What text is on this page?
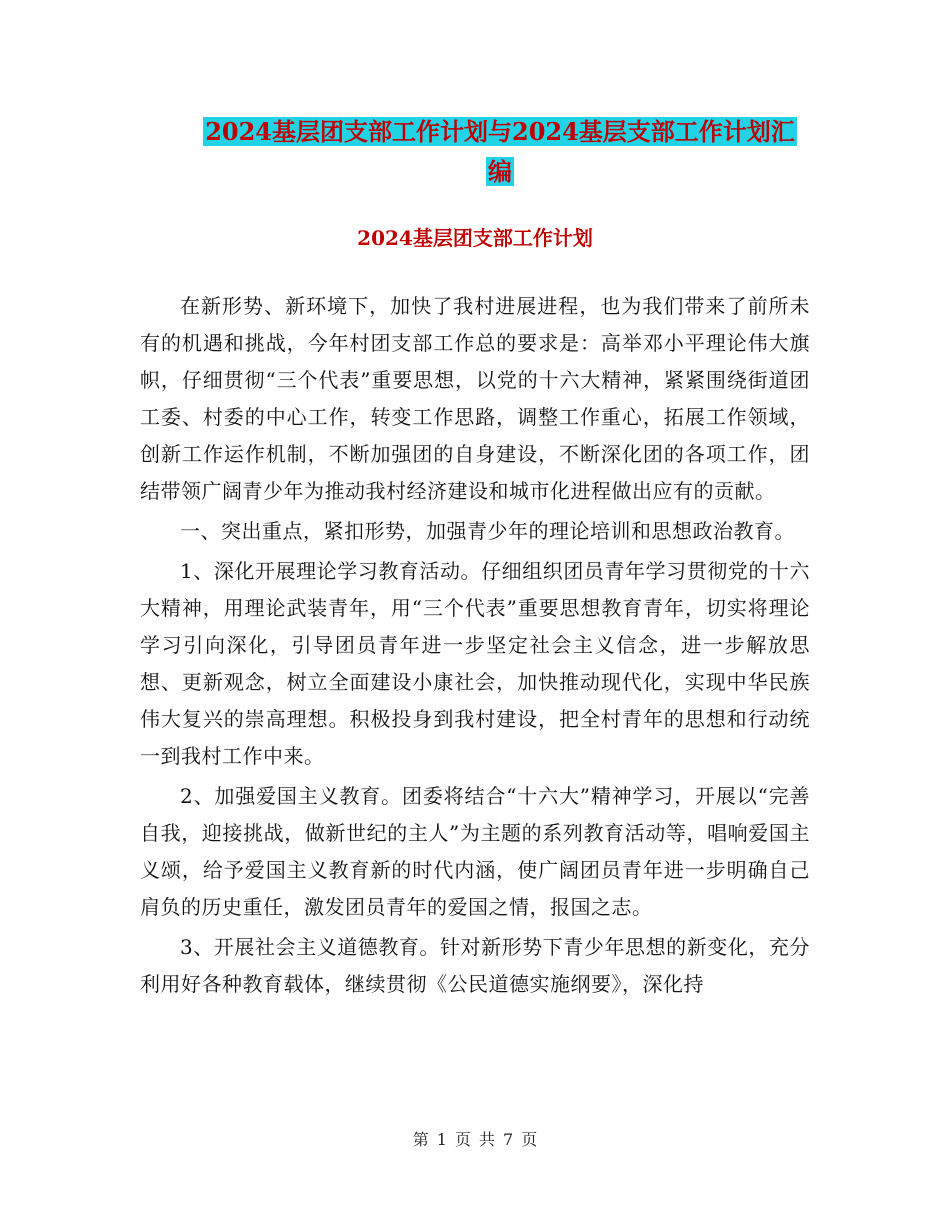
2024基层团支部工作计划与2024基层支部工作计划汇
编
2024基层团支部工作计划

在新形势、新环境下，加快了我村进展进程，也为我们带来了前所未有的机遇和挑战，今年村团支部工作总的要求是：高举邓小平理论伟大旗帜，仔细贯彻“三个代表”重要思想，以党的十六大精神，紧紧围绕街道团工委、村委的中心工作，转变工作思路，调整工作重心，拓展工作领域，创新工作运作机制，不断加强团的自身建设，不断深化团的各项工作，团结带领广阔青少年为推动我村经济建设和城市化进程做出应有的贡献。

一、突出重点，紧扣形势，加强青少年的理论培训和思想政治教育。

1、深化开展理论学习教育活动。仔细组织团员青年学习贯彻党的十六大精神，用理论武装青年，用“三个代表”重要思想教育青年，切实将理论学习引向深化，引导团员青年进一步坚定社会主义信念，进一步解放思想、更新观念，树立全面建设小康社会，加快推动现代化，实现中华民族伟大复兴的崇高理想。积极投身到我村建设，把全村青年的思想和行动统一到我村工作中来。

2、加强爱国主义教育。团委将结合“十六大”精神学习，开展以“完善自我，迎接挑战，做新世纪的主人”为主题的系列教育活动等，唱响爱国主义颂，给予爱国主义教育新的时代内涵，使广阔团员青年进一步明确自己肩负的历史重任，激发团员青年的爱国之情，报国之志。

3、开展社会主义道德教育。针对新形势下青少年思想的新变化，充分利用好各种教育载体，继续贯彻《公民道德实施纲要》，深化持

第 1 页 共 7 页
